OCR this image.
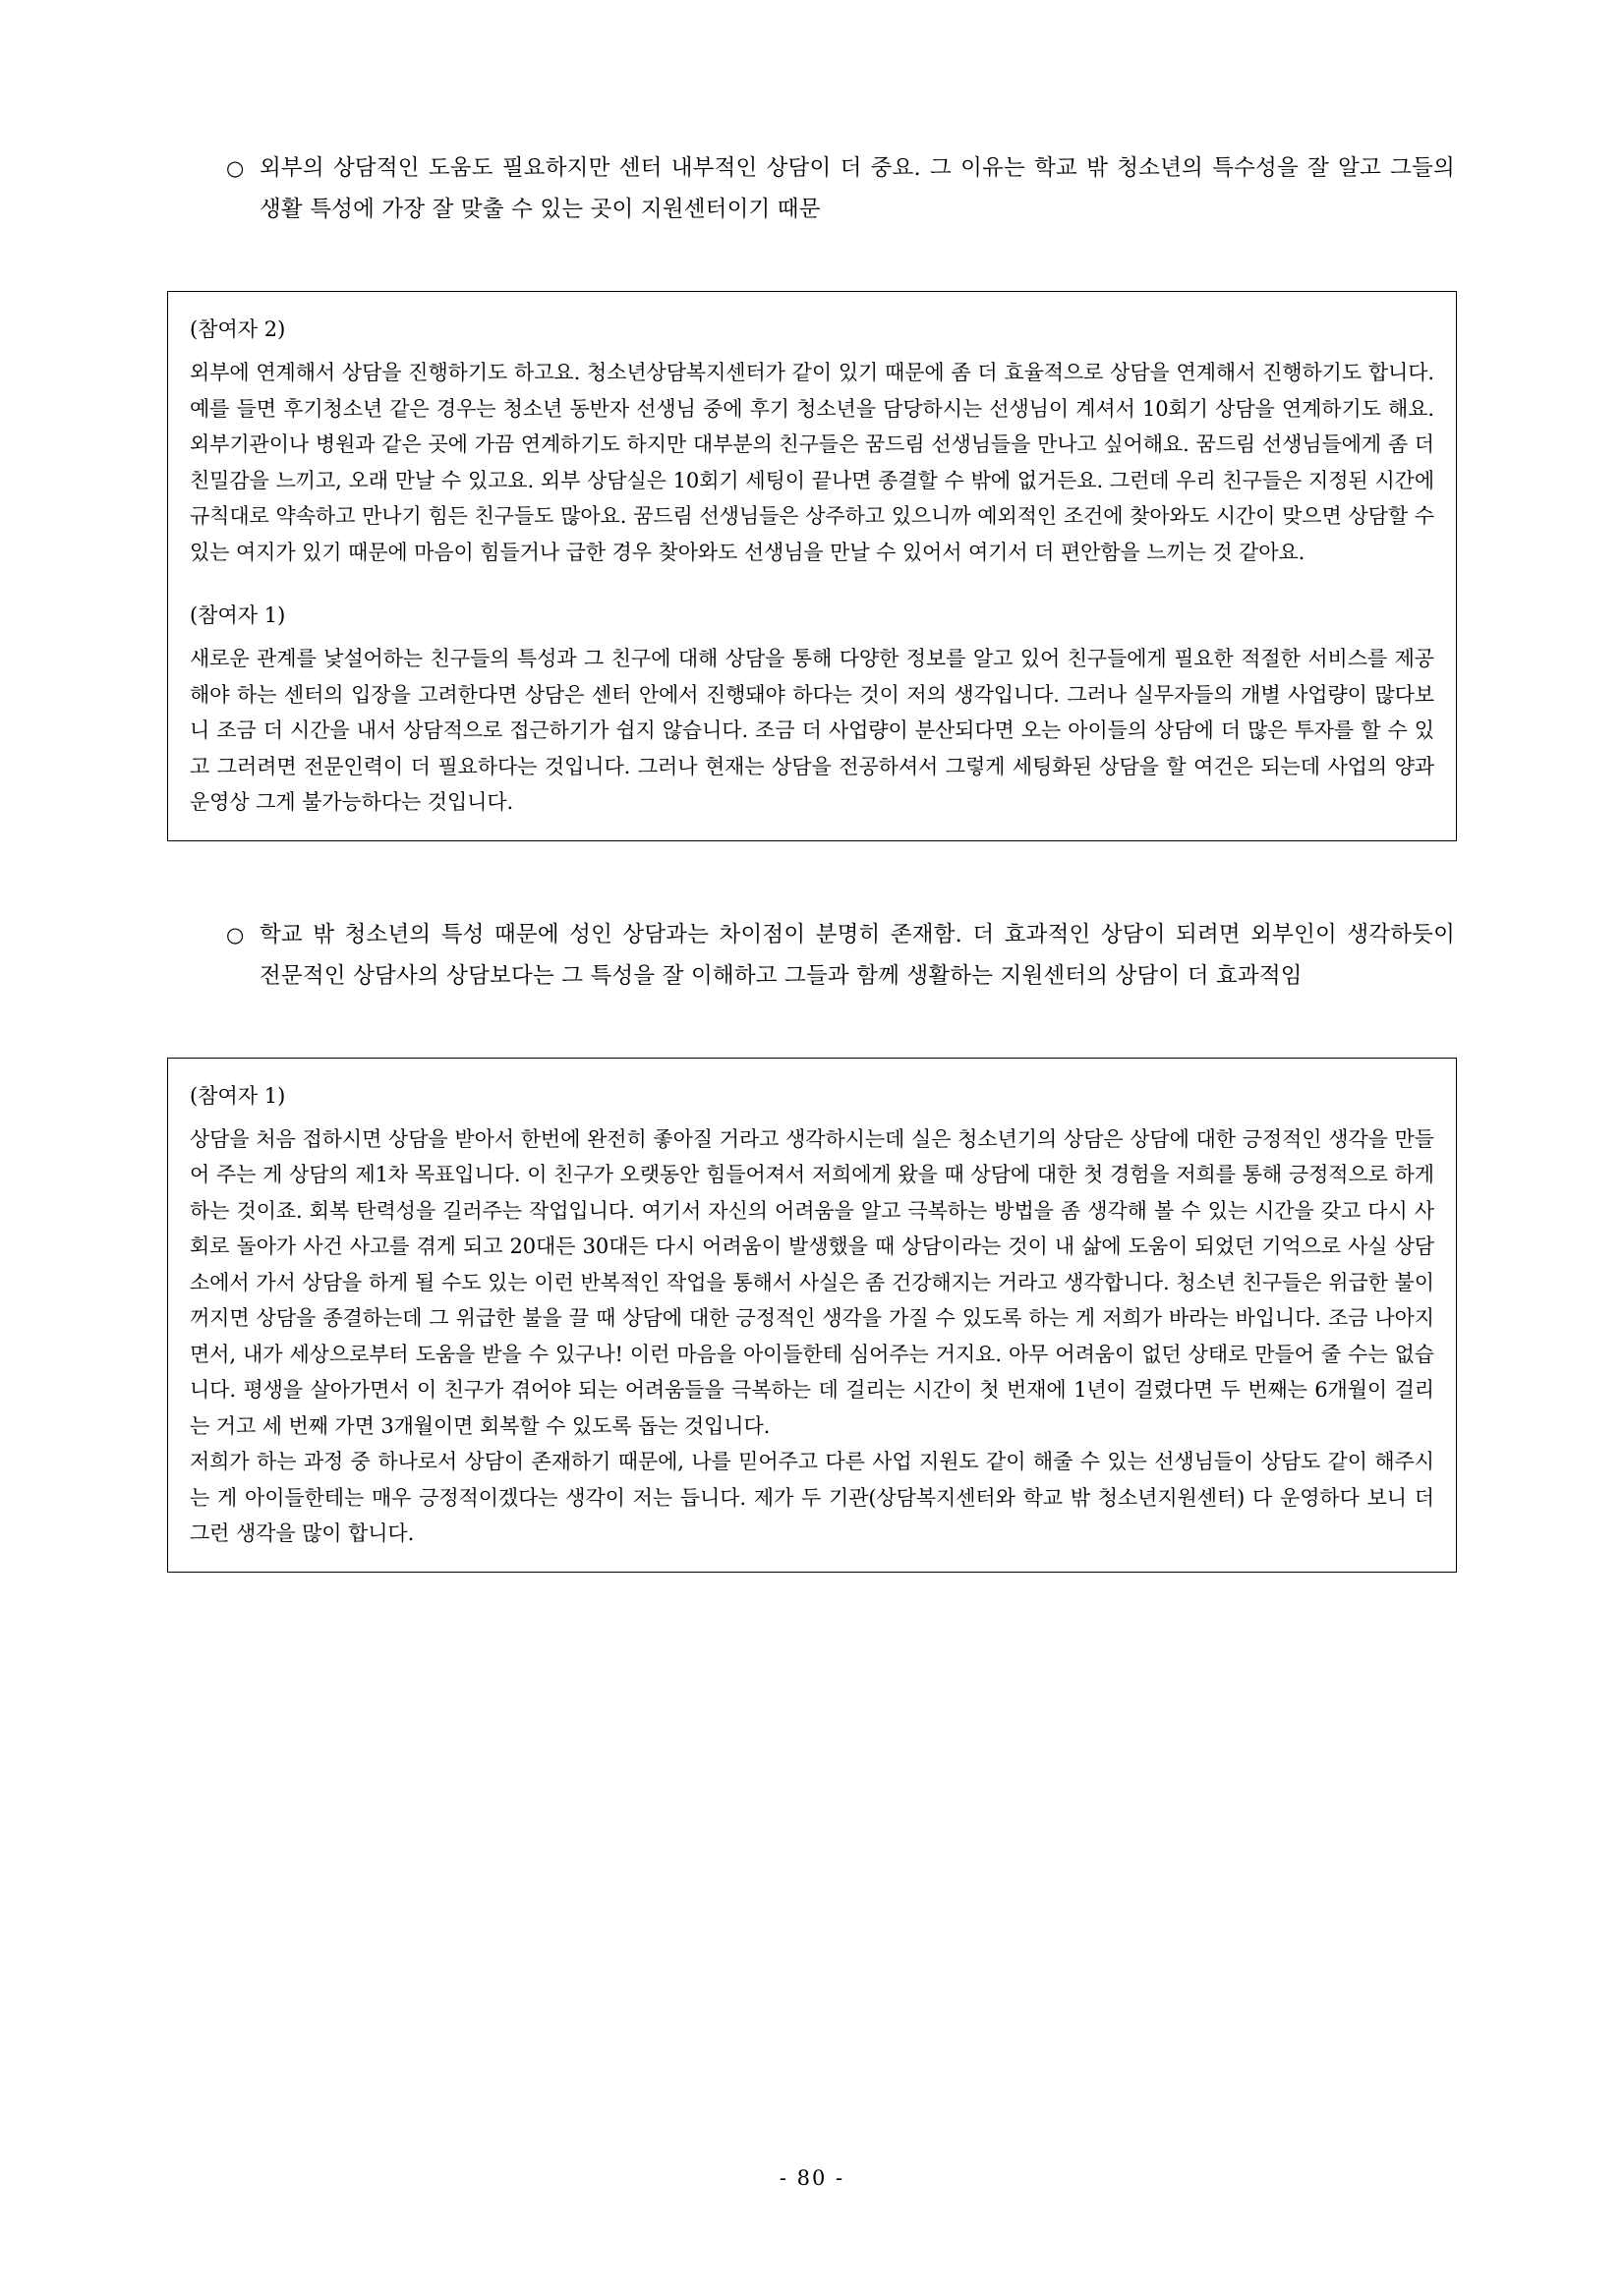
○ 외부의 상담적인 도움도 필요하지만 센터 내부적인 상담이 더 중요. 그 이유는 학교 밖 청소년의 특수성을 잘 알고 그들의 생활 특성에 가장 잘 맞출 수 있는 곳이 지원센터이기 때문
(참여자 2)

외부에 연계해서 상담을 진행하기도 하고요. 청소년상담복지센터가 같이 있기 때문에 좀 더 효율적으로 상담을 연계해서 진행하기도 합니다. 예를 들면 후기청소년 같은 경우는 청소년 동반자 선생님 중에 후기 청소년을 담당하시는 선생님이 계셔서 10회기 상담을 연계하기도 해요. 외부기관이나 병원과 같은 곳에 가끔 연계하기도 하지만 대부분의 친구들은 꿈드림 선생님들을 만나고 싶어해요. 꿈드림 선생님들에게 좀 더 친밀감을 느끼고, 오래 만날 수 있고요. 외부 상담실은 10회기 세팅이 끝나면 종결할 수 밖에 없거든요. 그런데 우리 친구들은 지정된 시간에 규칙대로 약속하고 만나기 힘든 친구들도 많아요. 꿈드림 선생님들은 상주하고 있으니까 예외적인 조건에 찾아와도 시간이 맞으면 상담할 수 있는 여지가 있기 때문에 마음이 힘들거나 급한 경우 찾아와도 선생님을 만날 수 있어서 여기서 더 편안함을 느끼는 것 같아요.

(참여자 1)

새로운 관계를 낯설어하는 친구들의 특성과 그 친구에 대해 상담을 통해 다양한 정보를 알고 있어 친구들에게 필요한 적절한 서비스를 제공해야 하는 센터의 입장을 고려한다면 상담은 센터 안에서 진행돼야 하다는 것이 저의 생각입니다. 그러나 실무자들의 개별 사업량이 많다보니 조금 더 시간을 내서 상담적으로 접근하기가 쉽지 않습니다. 조금 더 사업량이 분산되다면 오는 아이들의 상담에 더 많은 투자를 할 수 있고 그러려면 전문인력이 더 필요하다는 것입니다. 그러나 현재는 상담을 전공하셔서 그렇게 세팅화된 상담을 할 여건은 되는데 사업의 양과 운영상 그게 불가능하다는 것입니다.

○ 학교 밖 청소년의 특성 때문에 성인 상담과는 차이점이 분명히 존재함. 더 효과적인 상담이 되려면 외부인이 생각하듯이 전문적인 상담사의 상담보다는 그 특성을 잘 이해하고 그들과 함께 생활하는 지원센터의 상담이 더 효과적임
(참여자 1)

상담을 처음 접하시면 상담을 받아서 한번에 완전히 좋아질 거라고 생각하시는데 실은 청소년기의 상담은 상담에 대한 긍정적인 생각을 만들어 주는 게 상담의 제1차 목표입니다. 이 친구가 오랫동안 힘들어져서 저희에게 왔을 때 상담에 대한 첫 경험을 저희를 통해 긍정적으로 하게 하는 것이죠. 회복 탄력성을 길러주는 작업입니다. 여기서 자신의 어려움을 알고 극복하는 방법을 좀 생각해 볼 수 있는 시간을 갖고 다시 사회로 돌아가 사건 사고를 겪게 되고 20대든 30대든 다시 어려움이 발생했을 때 상담이라는 것이 내 삶에 도움이 되었던 기억으로 사실 상담소에서 가서 상담을 하게 될 수도 있는 이런 반복적인 작업을 통해서 사실은 좀 건강해지는 거라고 생각합니다. 청소년 친구들은 위급한 불이 꺼지면 상담을 종결하는데 그 위급한 불을 끌 때 상담에 대한 긍정적인 생각을 가질 수 있도록 하는 게 저희가 바라는 바입니다. 조금 나아지면서, 내가 세상으로부터 도움을 받을 수 있구나! 이런 마음을 아이들한테 심어주는 거지요. 아무 어려움이 없던 상태로 만들어 줄 수는 없습니다. 평생을 살아가면서 이 친구가 겪어야 되는 어려움들을 극복하는 데 걸리는 시간이 첫 번재에 1년이 걸렸다면 두 번째는 6개월이 걸리는 거고 세 번째 가면 3개월이면 회복할 수 있도록 돕는 것입니다.

저희가 하는 과정 중 하나로서 상담이 존재하기 때문에, 나를 믿어주고 다른 사업 지원도 같이 해줄 수 있는 선생님들이 상담도 같이 해주시는 게 아이들한테는 매우 긍정적이겠다는 생각이 저는 듭니다. 제가 두 기관(상담복지센터와 학교 밖 청소년지원센터) 다 운영하다 보니 더 그런 생각을 많이 합니다.

- 80 -
